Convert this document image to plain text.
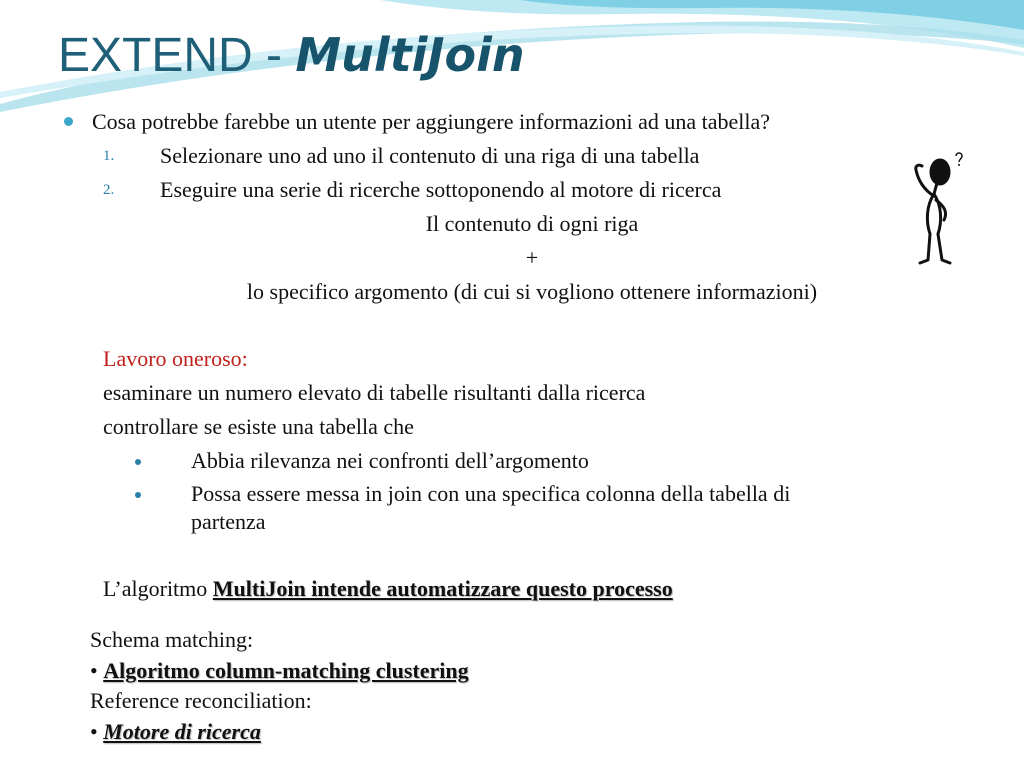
EXTEND - MultiJoin

Cosa potrebbe farebbe un utente per aggiungere informazioni ad una tabella?

1. Selezionare uno ad uno il contenuto di una riga di una tabella

2. Eseguire una serie di ricerche sottoponendo al motore di ricerca

Il contenuto di ogni riga

+

lo specifico argomento (di cui si vogliono ottenere informazioni)

Lavoro oneroso:

esaminare un numero elevato di tabelle risultanti dalla ricerca

controllare se esiste una tabella che

Abbia rilevanza nei confronti dell’argomento

Possa essere messa in join con una specifica colonna della tabella di

partenza

L’algoritmo MultiJoin intende automatizzare questo processo

Schema matching:

• Algoritmo column-matching clustering

Reference reconciliation:

• Motore di ricerca
